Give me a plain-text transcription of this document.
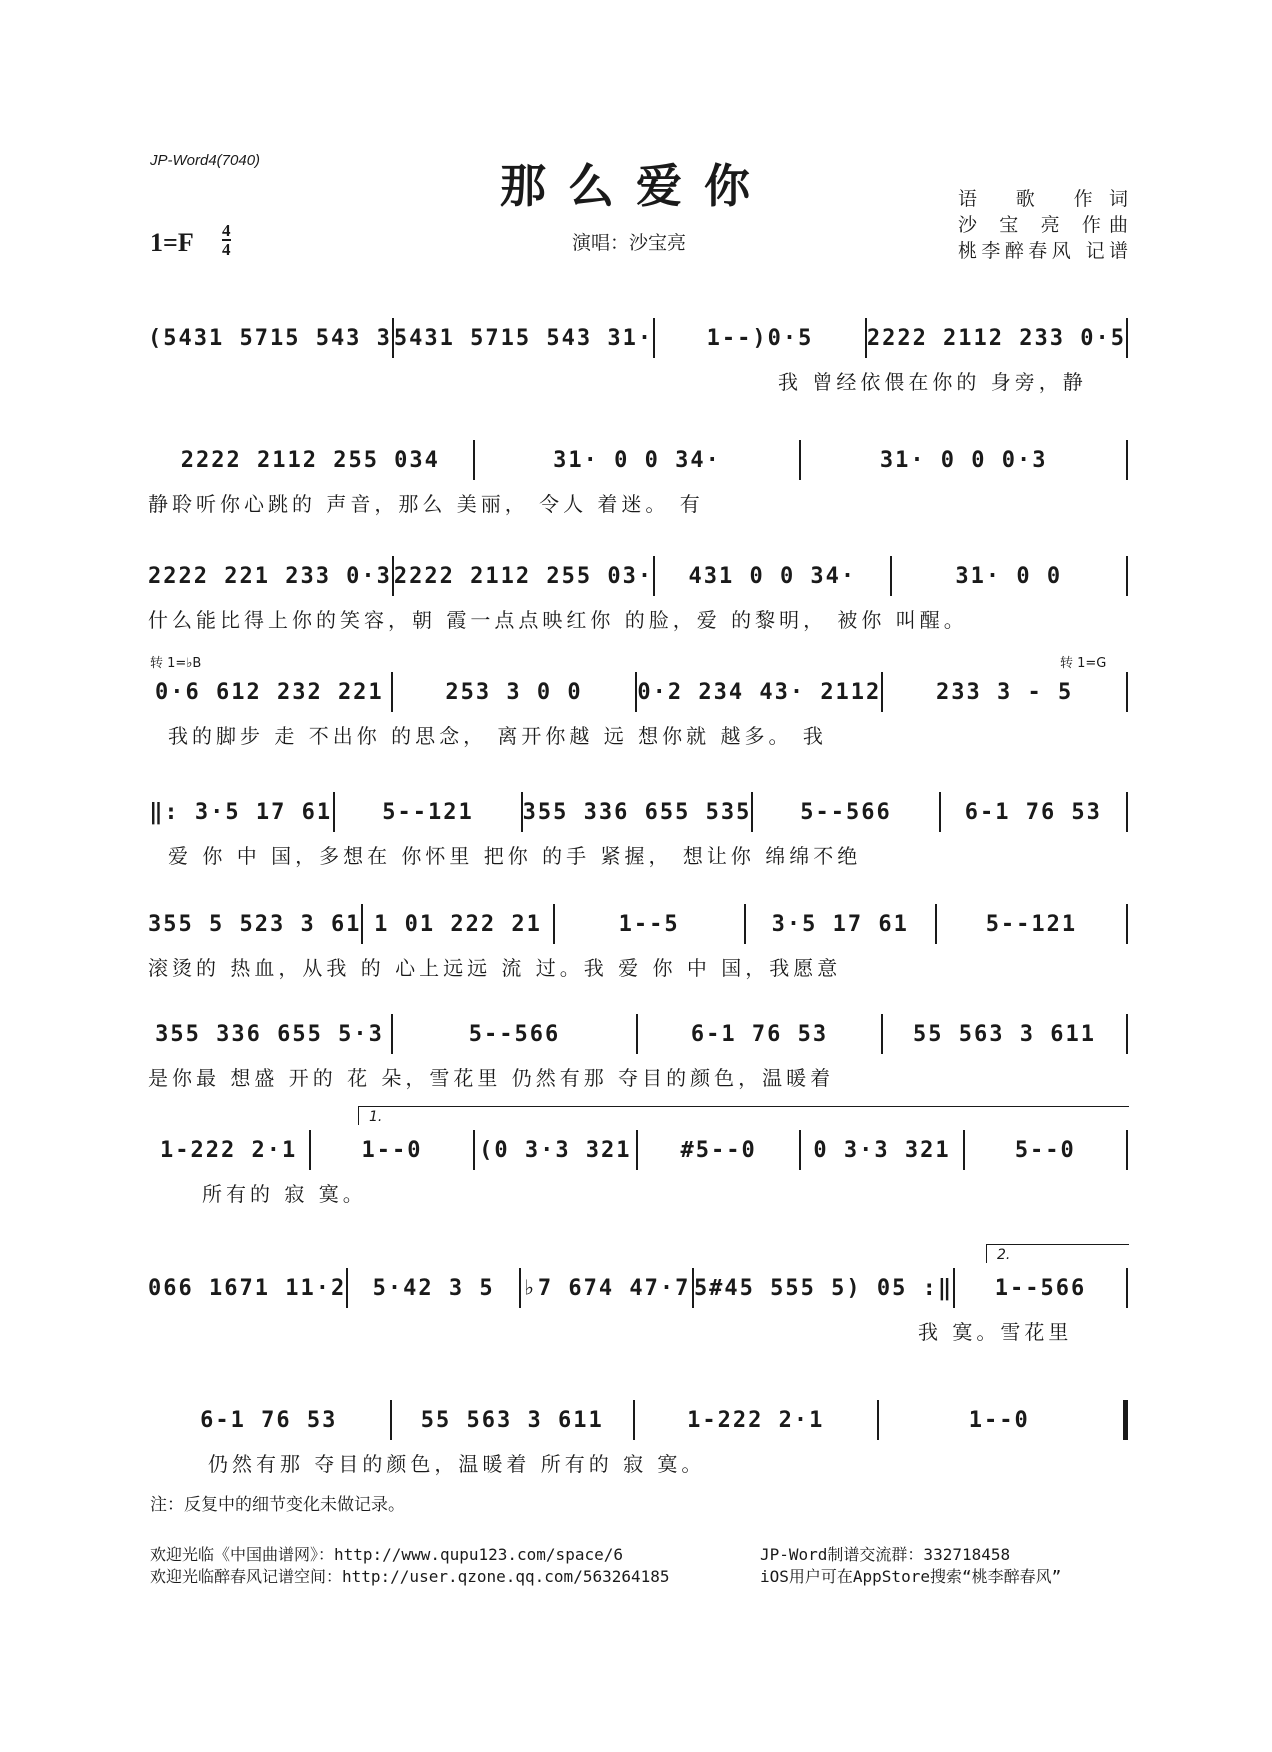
JP-Word4(7040)	那么爱你
1=F 4
4	演唱：沙宝亮
语 歌 作词
沙 宝 亮 作曲
桃李醉春风 记谱
(5431 5715 543 3 5431 5715 543 31·	1--)0·5	2222 2112 233 0·5
我 曾经依偎在你的 身旁，静
2222 2112 255 034	31· 0 0 34·	31· 0 0 0·3
静聆听你心跳的 声音，那么 美丽， 令人 着迷。 有
2222 221 233 0·3 2222 2112 255 03·	431 0 0 34·	31· 0 0
什么能比得上你的笑容，朝 霞一点点映红你 的脸，爱 的黎明， 被你 叫醒。
转 1=♭B	转 1=G
0·6 612 232 221	253 3 0 0	0·2 234 43· 2112	233 3 - 5
我的脚步 走 不出你 的思念， 离开你越 远 想你就 越多。 我
‖: 3·5 17 61	5--121	355 336 655 535	5--566	6-1 76 53
爱 你 中 国，多想在 你怀里 把你 的手 紧握， 想让你 绵绵不绝
355 5 523 3 61 1 01 222 21	1--5	3·5 17 61	5--121
滚烫的 热血，从我 的 心上远远 流 过。我 爱 你 中 国，我愿意
355 336 655 5·3	5--566	6-1 76 53	55 563 3 611
是你最 想盛 开的 花 朵，雪花里 仍然有那 夺目的颜色，温暖着
1.
1-222 2·1	1--0	(0 3·3 321	#5--0	0 3·3 321	5--0
所有的 寂 寞。
2.
066 1671 11·2	5·42 3 5	♭7 674 47·7 5#45 555 5) 05 :‖	1--566
我 寞。雪花里
6-1 76 53	55 563 3 611	1-222 2·1	1--0
仍然有那 夺目的颜色，温暖着 所有的 寂 寞。
注：反复中的细节变化未做记录。
欢迎光临《中国曲谱网》：http://www.qupu123.com/space/6
欢迎光临醉春风记谱空间：http://user.qzone.qq.com/563264185
JP-Word制谱交流群：332718458
iOS用户可在AppStore搜索“桃李醉春风”
